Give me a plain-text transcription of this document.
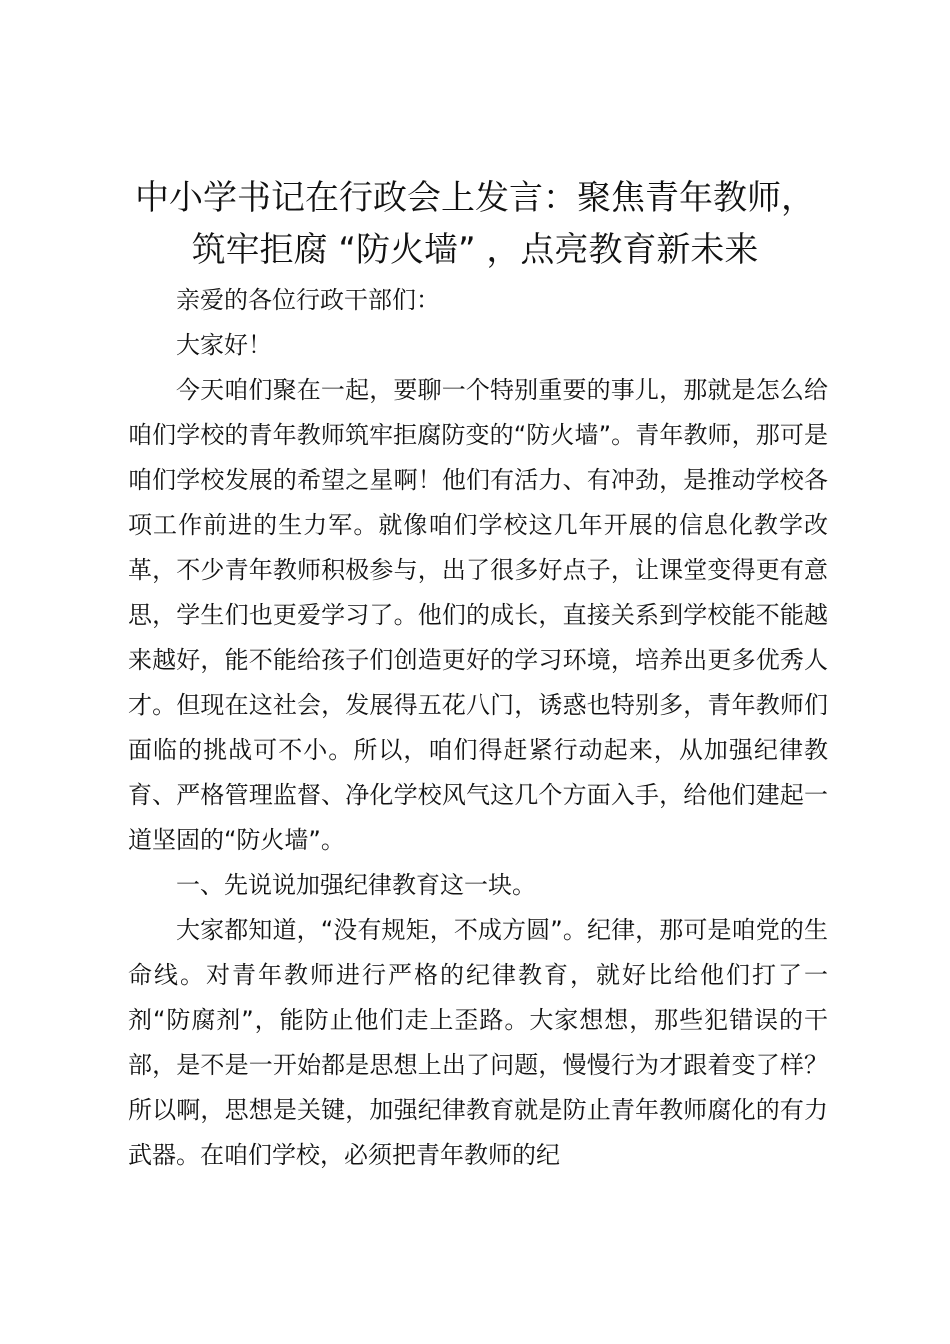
中小学书记在行政会上发言：聚焦青年教师，
筑牢拒腐 “防火墙” ，点亮教育新未来

亲爱的各位行政干部们：

大家好！

今天咱们聚在一起，要聊一个特别重要的事儿，那就是怎么给咱们学校的青年教师筑牢拒腐防变的“防火墙”。青年教师，那可是咱们学校发展的希望之星啊！他们有活力、有冲劲，是推动学校各项工作前进的生力军。就像咱们学校这几年开展的信息化教学改革，不少青年教师积极参与，出了很多好点子，让课堂变得更有意思，学生们也更爱学习了。他们的成长，直接关系到学校能不能越来越好，能不能给孩子们创造更好的学习环境，培养出更多优秀人才。但现在这社会，发展得五花八门，诱惑也特别多，青年教师们面临的挑战可不小。所以，咱们得赶紧行动起来，从加强纪律教育、严格管理监督、净化学校风气这几个方面入手，给他们建起一道坚固的“防火墙”。

一、先说说加强纪律教育这一块。

大家都知道，“没有规矩，不成方圆”。纪律，那可是咱党的生命线。对青年教师进行严格的纪律教育，就好比给他们打了一剂“防腐剂”，能防止他们走上歪路。大家想想，那些犯错误的干部，是不是一开始都是思想上出了问题，慢慢行为才跟着变了样？所以啊，思想是关键，加强纪律教育就是防止青年教师腐化的有力武器。在咱们学校，必须把青年教师的纪
